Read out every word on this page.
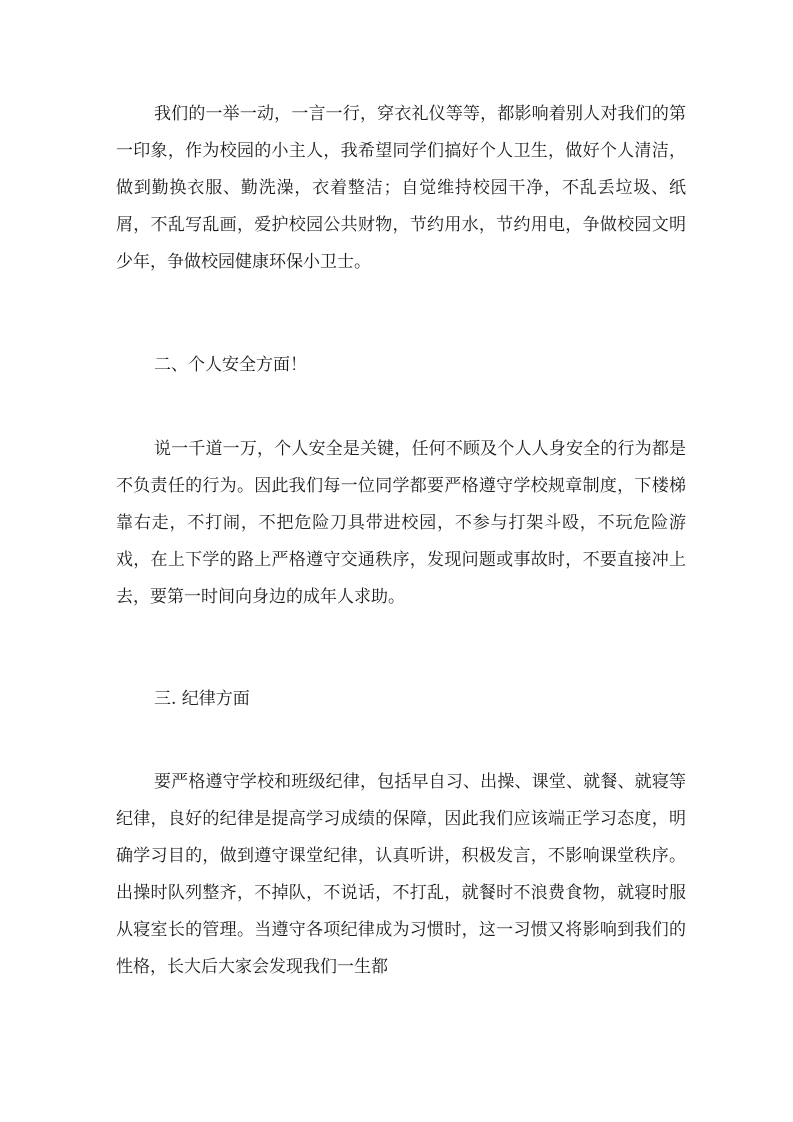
我们的一举一动，一言一行，穿衣礼仪等等，都影响着别人对我们的第一印象，作为校园的小主人，我希望同学们搞好个人卫生，做好个人清洁，做到勤换衣服、勤洗澡，衣着整洁；自觉维持校园干净，不乱丢垃圾、纸屑，不乱写乱画，爱护校园公共财物，节约用水，节约用电，争做校园文明少年，争做校园健康环保小卫士。

二、个人安全方面！

说一千道一万，个人安全是关键，任何不顾及个人人身安全的行为都是不负责任的行为。因此我们每一位同学都要严格遵守学校规章制度，下楼梯靠右走，不打闹，不把危险刀具带进校园，不参与打架斗殴，不玩危险游戏，在上下学的路上严格遵守交通秩序，发现问题或事故时，不要直接冲上去，要第一时间向身边的成年人求助。

三. 纪律方面

要严格遵守学校和班级纪律，包括早自习、出操、课堂、就餐、就寝等纪律，良好的纪律是提高学习成绩的保障，因此我们应该端正学习态度，明确学习目的，做到遵守课堂纪律，认真听讲，积极发言，不影响课堂秩序。出操时队列整齐，不掉队，不说话，不打乱，就餐时不浪费食物，就寝时服从寝室长的管理。当遵守各项纪律成为习惯时，这一习惯又将影响到我们的性格，长大后大家会发现我们一生都
